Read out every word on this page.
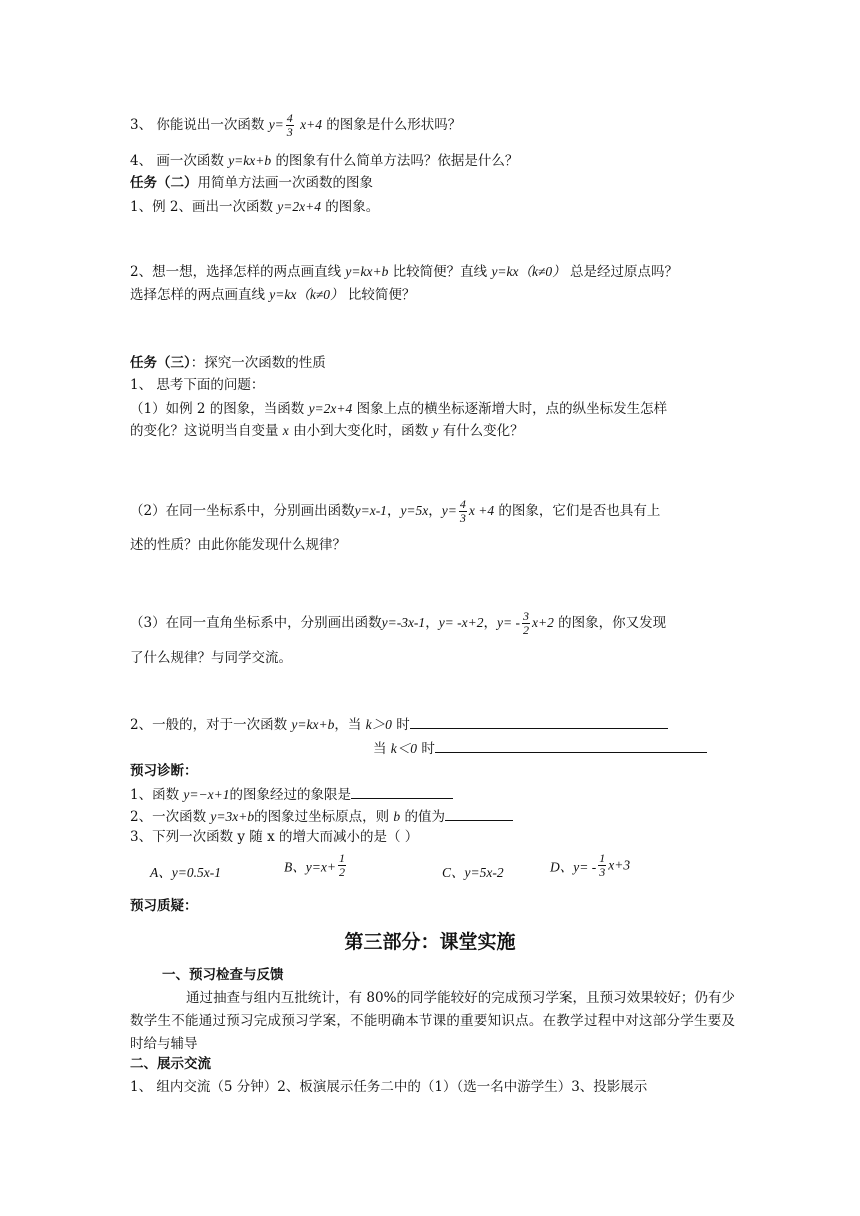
3、 你能说出一次函数 $y= \frac{4}{3} x+4$ 的图象是什么形状吗？
4、 画一次函数 y=kx+b 的图象有什么简单方法吗？依据是什么？
任务（二）用简单方法画一次函数的图象
1、例 2、画出一次函数 y=2x+4 的图象。
2、想一想，选择怎样的两点画直线 y=kx+b 比较简便？直线 y=kx（k≠0） 总是经过原点吗？
选择怎样的两点画直线 y=kx（k≠0） 比较简便？
任务（三）：探究一次函数的性质
1、 思考下面的问题：
（1）如例 2 的图象，当函数 y=2x+4 图象上点的横坐标逐渐增大时，点的纵坐标发生怎样
的变化？这说明当自变量 x 由小到大变化时，函数 y 有什么变化？
（2）在同一坐标系中，分别画出函数y=x-1，y=5x，$y= \frac{4}{3}$ x +4 的图象，它们是否也具有上
述的性质？由此你能发现什么规律？
（3）在同一直角坐标系中，分别画出函数y=-3x-1，y= -x+2，$y= - \frac{3}{2} x+2$ 的图象，你又发现
了什么规律？与同学交流。
2、一般的，对于一次函数 y=kx+b，当 k＞0 时
当 k＜0 时
预习诊断：
1、函数 y=−x+1的图象经过的象限是
2、一次函数 y=3x+b的图象过坐标原点，则 b 的值为
3、下列一次函数 y 随 x 的增大而减小的是（ ）
A、y=0.5x-1	B、$y=x+ \frac{1}{2}$	C、y=5x-2	D、$y= - \frac{1}{3} x+3$
预习质疑：
第三部分：课堂实施
一、预习检查与反馈
通过抽查与组内互批统计，有 80%的同学能较好的完成预习学案，且预习效果较好；仍有少数学生不能通过预习完成预习学案，不能明确本节课的重要知识点。在教学过程中对这部分学生要及时给与辅导
二、展示交流
1、 组内交流（5 分钟）2、板演展示任务二中的（1）（选一名中游学生）3、投影展示
